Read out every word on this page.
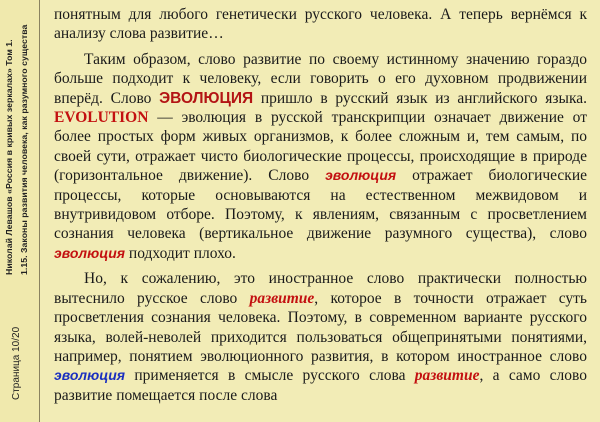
Николай Левашов «Россия в кривых зеркалах» Том 1. 1.15. Законы развития человека, как разумного существа
Страница 10/20

понятным для любого генетически русского человека. А теперь вернёмся к анализу слова развитие…

Таким образом, слово развитие по своему истинному значению гораздо больше подходит к человеку, если говорить о его духовном продвижении вперёд. Слово ЭВОЛЮЦИЯ пришло в русский язык из английского языка. EVOLUTION — эволюция в русской транскрипции означает движение от более простых форм живых организмов, к более сложным и, тем самым, по своей сути, отражает чисто биологические процессы, происходящие в природе (горизонтальное движение). Слово эволюция отражает биологические процессы, которые основываются на естественном межвидовом и внутривидовом отборе. Поэтому, к явлениям, связанным с просветлением сознания человека (вертикальное движение разумного существа), слово эволюция подходит плохо.

Но, к сожалению, это иностранное слово практически полностью вытеснило русское слово развитие, которое в точности отражает суть просветления сознания человека. Поэтому, в современном варианте русского языка, волей-неволей приходится пользоваться общепринятыми понятиями, например, понятием эволюционного развития, в котором иностранное слово эволюция применяется в смысле русского слова развитие, а само слово развитие помещается после слова
